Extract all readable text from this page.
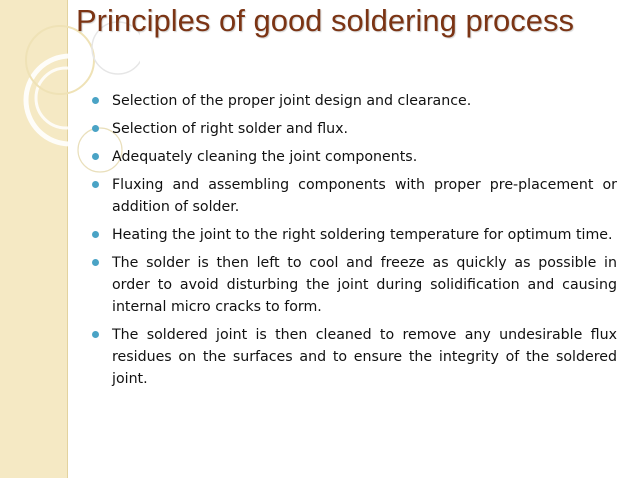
Principles of good soldering process
Selection of the proper joint design and clearance.
Selection of right solder and flux.
Adequately cleaning the joint components.
Fluxing and assembling components with proper pre-placement or addition of solder.
Heating the joint to the right soldering temperature for optimum time.
The solder is then left to cool and freeze as quickly as possible in order to avoid disturbing the joint during solidification and causing internal micro cracks to form.
The soldered joint is then cleaned to remove any undesirable flux residues on the surfaces and to ensure the integrity of the soldered joint.
